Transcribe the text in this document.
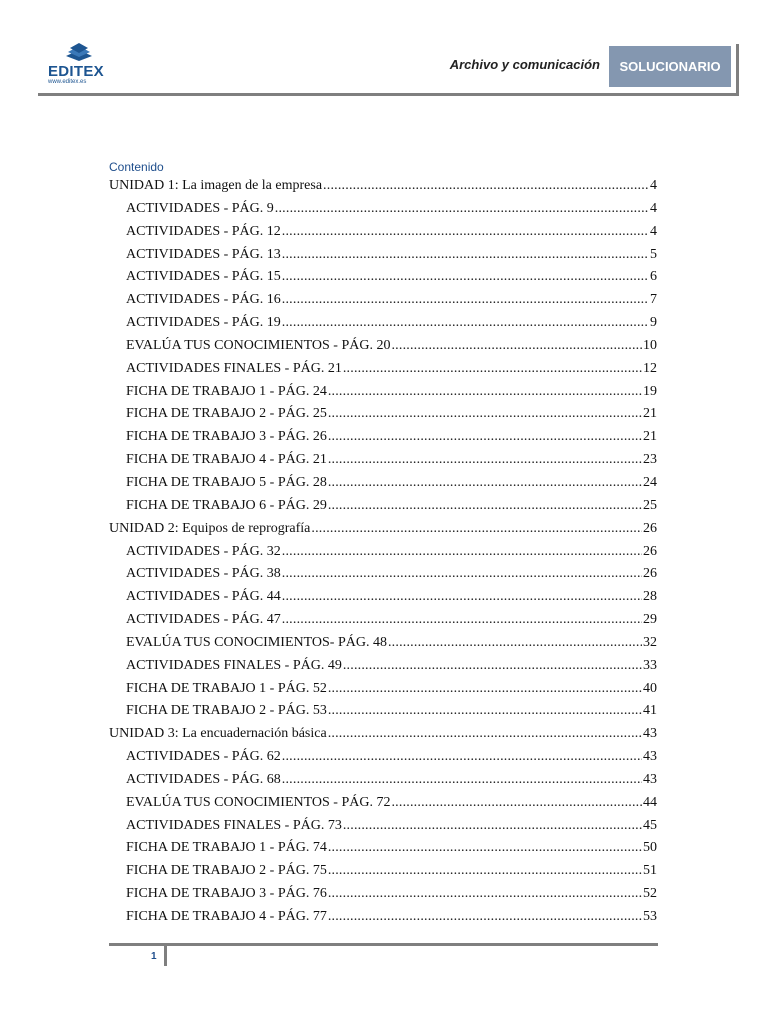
EDITEX
www.editex.es
Archivo y comunicación	SOLUCIONARIO
Contenido
UNIDAD 1: La imagen de la empresa .....	4
ACTIVIDADES - PÁG. 9 .....	4
ACTIVIDADES - PÁG. 12 .....	4
ACTIVIDADES - PÁG. 13 .....	5
ACTIVIDADES - PÁG. 15 .....	6
ACTIVIDADES - PÁG. 16 .....	7
ACTIVIDADES - PÁG. 19 .....	9
EVALÚA TUS CONOCIMIENTOS - PÁG. 20 .....	10
ACTIVIDADES FINALES - PÁG. 21 .....	12
FICHA DE TRABAJO 1 - PÁG. 24 .....	19
FICHA DE TRABAJO 2 - PÁG. 25 .....	21
FICHA DE TRABAJO 3 - PÁG. 26 .....	21
FICHA DE TRABAJO 4 - PÁG. 21 .....	23
FICHA DE TRABAJO 5 - PÁG. 28 .....	24
FICHA DE TRABAJO 6 - PÁG. 29 .....	25
UNIDAD 2: Equipos de reprografía .....	26
ACTIVIDADES - PÁG. 32 .....	26
ACTIVIDADES - PÁG. 38 .....	26
ACTIVIDADES - PÁG. 44 .....	28
ACTIVIDADES - PÁG. 47 .....	29
EVALÚA TUS CONOCIMIENTOS- PÁG. 48 .....	32
ACTIVIDADES FINALES - PÁG. 49 .....	33
FICHA DE TRABAJO 1 - PÁG. 52 .....	40
FICHA DE TRABAJO 2 - PÁG. 53 .....	41
UNIDAD 3: La encuadernación básica .....	43
ACTIVIDADES - PÁG. 62 .....	43
ACTIVIDADES - PÁG. 68 .....	43
EVALÚA TUS CONOCIMIENTOS - PÁG. 72 .....	44
ACTIVIDADES FINALES - PÁG. 73 .....	45
FICHA DE TRABAJO 1 - PÁG. 74 .....	50
FICHA DE TRABAJO 2 - PÁG. 75 .....	51
FICHA DE TRABAJO 3 - PÁG. 76 .....	52
FICHA DE TRABAJO 4 - PÁG. 77 .....	53
1
